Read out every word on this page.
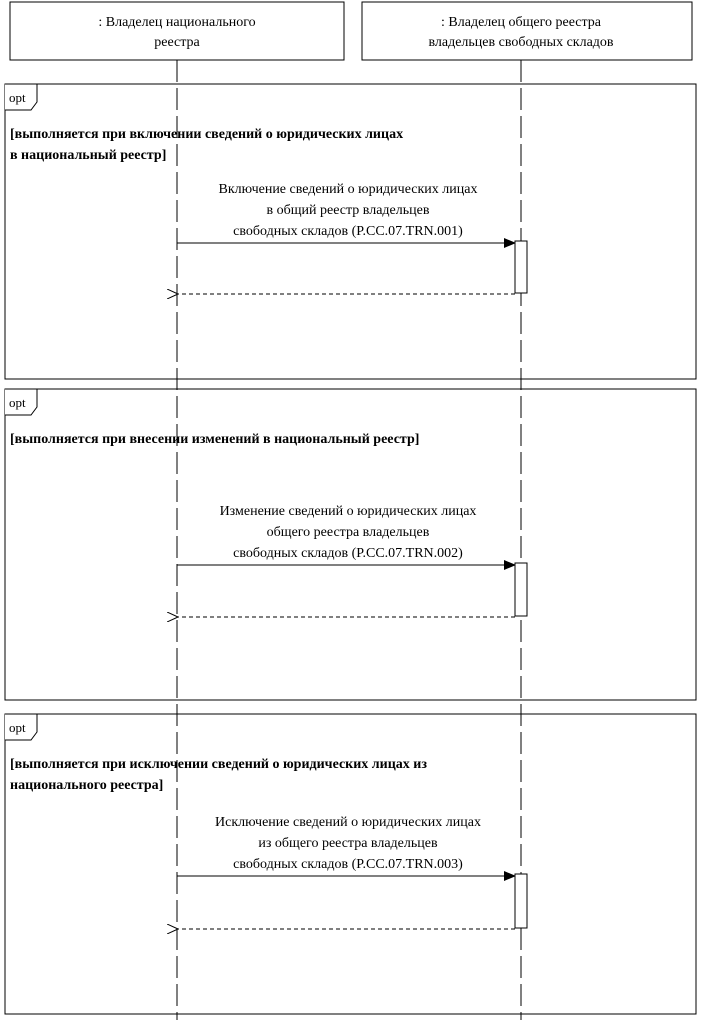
: Владелец национального
реестра
: Владелец общего реестра
владельцев свободных складов
opt
[выполняется при включении сведений о юридических лицах
в национальный реестр]
Включение сведений о юридических лицах
в общий реестр владельцев
свободных складов (P.CC.07.TRN.001)
opt
[выполняется при внесении изменений в национальный реестр]
Изменение сведений о юридических лицах
общего реестра владельцев
свободных складов (P.CC.07.TRN.002)
opt
[выполняется при исключении сведений о юридических лицах из
национального реестра]
Исключение сведений о юридических лицах
из общего реестра владельцев
свободных складов (P.CC.07.TRN.003)
